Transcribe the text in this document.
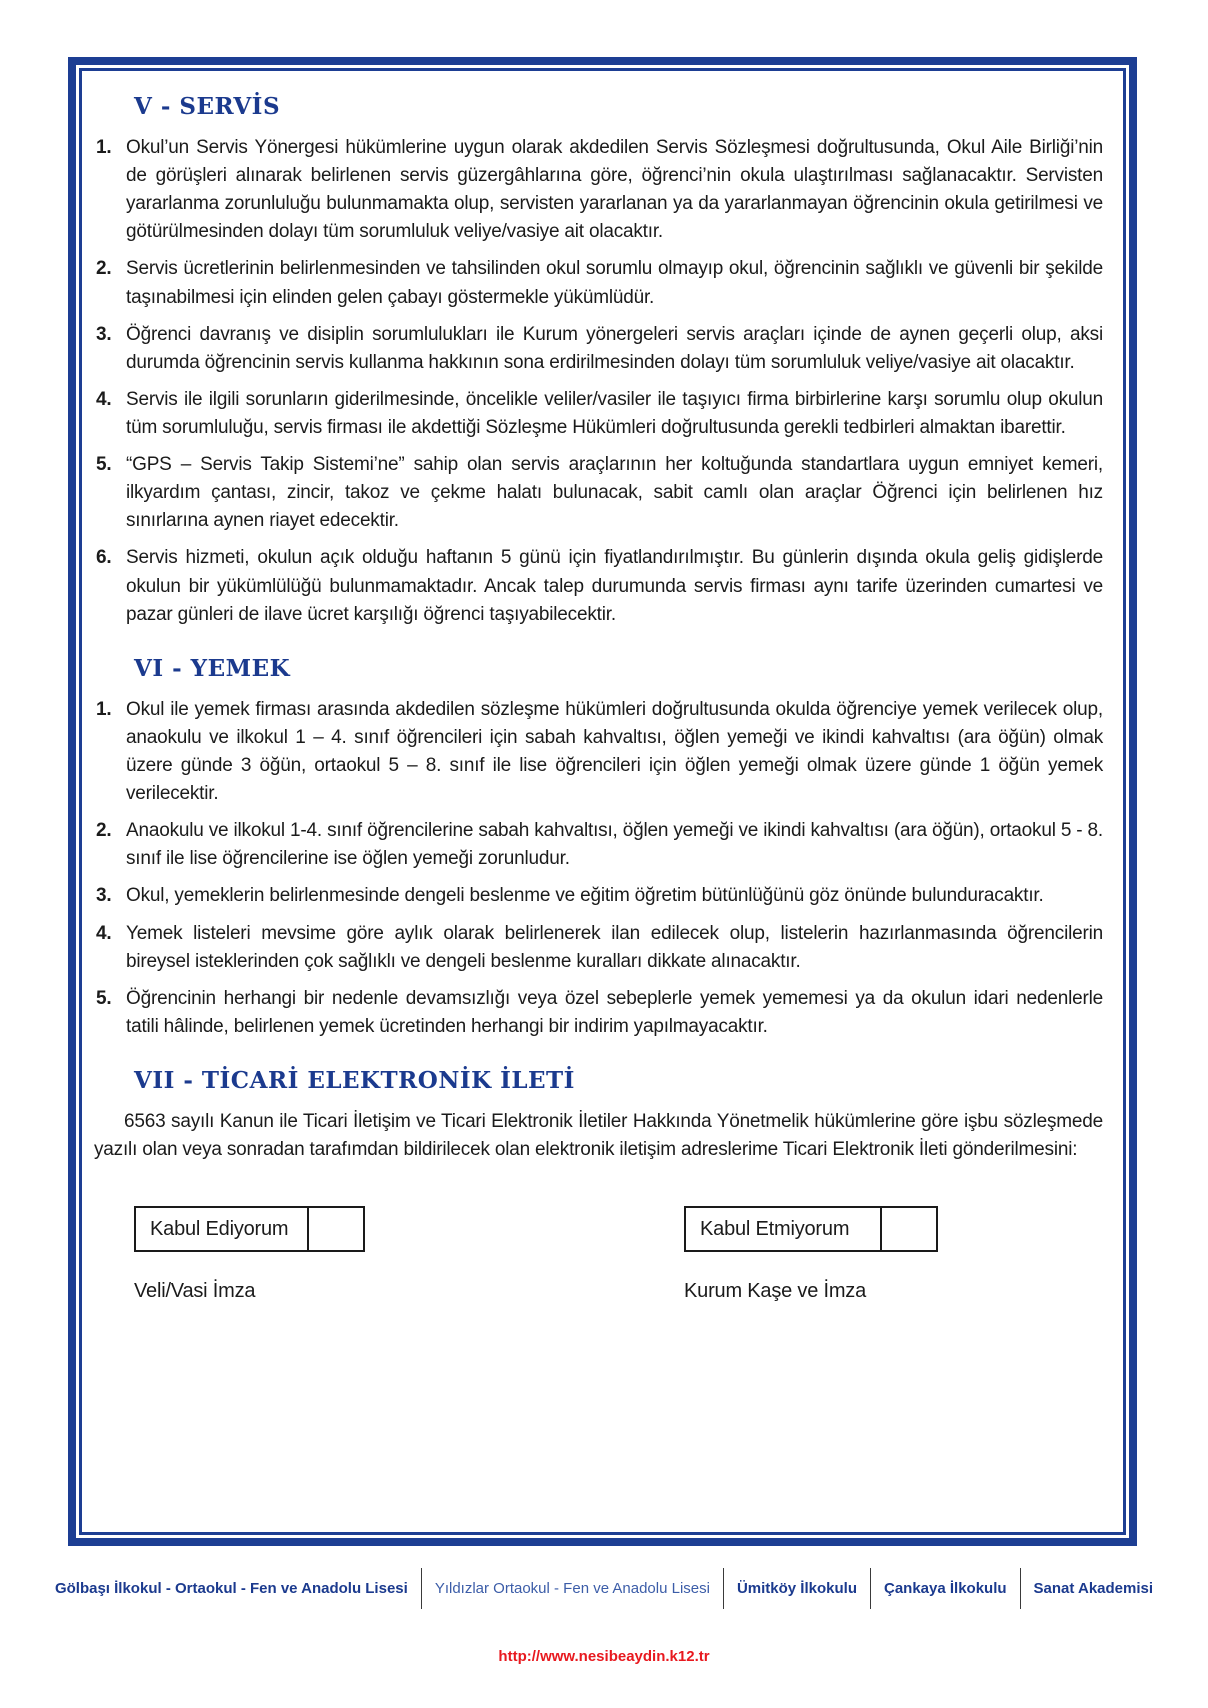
V - SERVİS
1. Okul’un Servis Yönergesi hükümlerine uygun olarak akdedilen Servis Sözleşmesi doğrultusunda, Okul Aile Birliği’nin de görüşleri alınarak belirlenen servis güzergâhlarına göre, öğrenci’nin okula ulaştırılması sağlanacaktır. Servisten yararlanma zorunluluğu bulunmamakta olup, servisten yararlanan ya da yararlanmayan öğrencinin okula getirilmesi ve götürülmesinden dolayı tüm sorumluluk veliye/vasiye ait olacaktır.
2. Servis ücretlerinin belirlenmesinden ve tahsilinden okul sorumlu olmayıp okul, öğrencinin sağlıklı ve güvenli bir şekilde taşınabilmesi için elinden gelen çabayı göstermekle yükümlüdür.
3. Öğrenci davranış ve disiplin sorumlulukları ile Kurum yönergeleri servis araçları içinde de aynen geçerli olup, aksi durumda öğrencinin servis kullanma hakkının sona erdirilmesinden dolayı tüm sorumluluk veliye/vasiye ait olacaktır.
4. Servis ile ilgili sorunların giderilmesinde, öncelikle veliler/vasiler ile taşıyıcı firma birbirlerine karşı sorumlu olup okulun tüm sorumluluğu, servis firması ile akdettiği Sözleşme Hükümleri doğrultusunda gerekli tedbirleri almaktan ibarettir.
5. “GPS – Servis Takip Sistemi’ne” sahip olan servis araçlarının her koltuğunda standartlara uygun emniyet kemeri, ilkyardım çantası, zincir, takoz ve çekme halatı bulunacak, sabit camlı olan araçlar Öğrenci için belirlenen hız sınırlarına aynen riayet edecektir.
6. Servis hizmeti, okulun açık olduğu haftanın 5 günü için fiyatlandırılmıştır. Bu günlerin dışında okula geliş gidişlerde okulun bir yükümlülüğü bulunmamaktadır. Ancak talep durumunda servis firması aynı tarife üzerinden cumartesi ve pazar günleri de ilave ücret karşılığı öğrenci taşıyabilecektir.
VI - YEMEK
1. Okul ile yemek firması arasında akdedilen sözleşme hükümleri doğrultusunda okulda öğrenciye yemek verilecek olup, anaokulu ve ilkokul 1 – 4. sınıf öğrencileri için sabah kahvaltısı, öğlen yemeği ve ikindi kahvaltısı (ara öğün) olmak üzere günde 3 öğün, ortaokul 5 – 8. sınıf ile lise öğrencileri için öğlen yemeği olmak üzere günde 1 öğün yemek verilecektir.
2. Anaokulu ve ilkokul 1-4. sınıf öğrencilerine sabah kahvaltısı, öğlen yemeği ve ikindi kahvaltısı (ara öğün), ortaokul 5 - 8. sınıf ile lise öğrencilerine ise öğlen yemeği zorunludur.
3. Okul, yemeklerin belirlenmesinde dengeli beslenme ve eğitim öğretim bütünlüğünü göz önünde bulunduracaktır.
4. Yemek listeleri mevsime göre aylık olarak belirlenerek ilan edilecek olup, listelerin hazırlanmasında öğrencilerin bireysel isteklerinden çok sağlıklı ve dengeli beslenme kuralları dikkate alınacaktır.
5. Öğrencinin herhangi bir nedenle devamsızlığı veya özel sebeplerle yemek yememesi ya da okulun idari nedenlerle tatili hâlinde, belirlenen yemek ücretinden herhangi bir indirim yapılmayacaktır.
VII - TİCARİ ELEKTRONİK İLETİ
6563 sayılı Kanun ile Ticari İletişim ve Ticari Elektronik İletiler Hakkında Yönetmelik hükümlerine göre işbu sözleşmede yazılı olan veya sonradan tarafımdan bildirilecek olan elektronik iletişim adreslerime Ticari Elektronik İleti gönderilmesini:
Kabul Ediyorum	Kabul Etmiyorum
Veli/Vasi İmza	Kurum Kaşe ve İmza
Gölbaşı İlkokul - Ortaokul - Fen ve Anadolu Lisesi	Yıldızlar Ortaokul - Fen ve Anadolu Lisesi	Ümitköy İlkokulu	Çankaya İlkokulu	Sanat Akademisi
http://www.nesibeaydin.k12.tr
